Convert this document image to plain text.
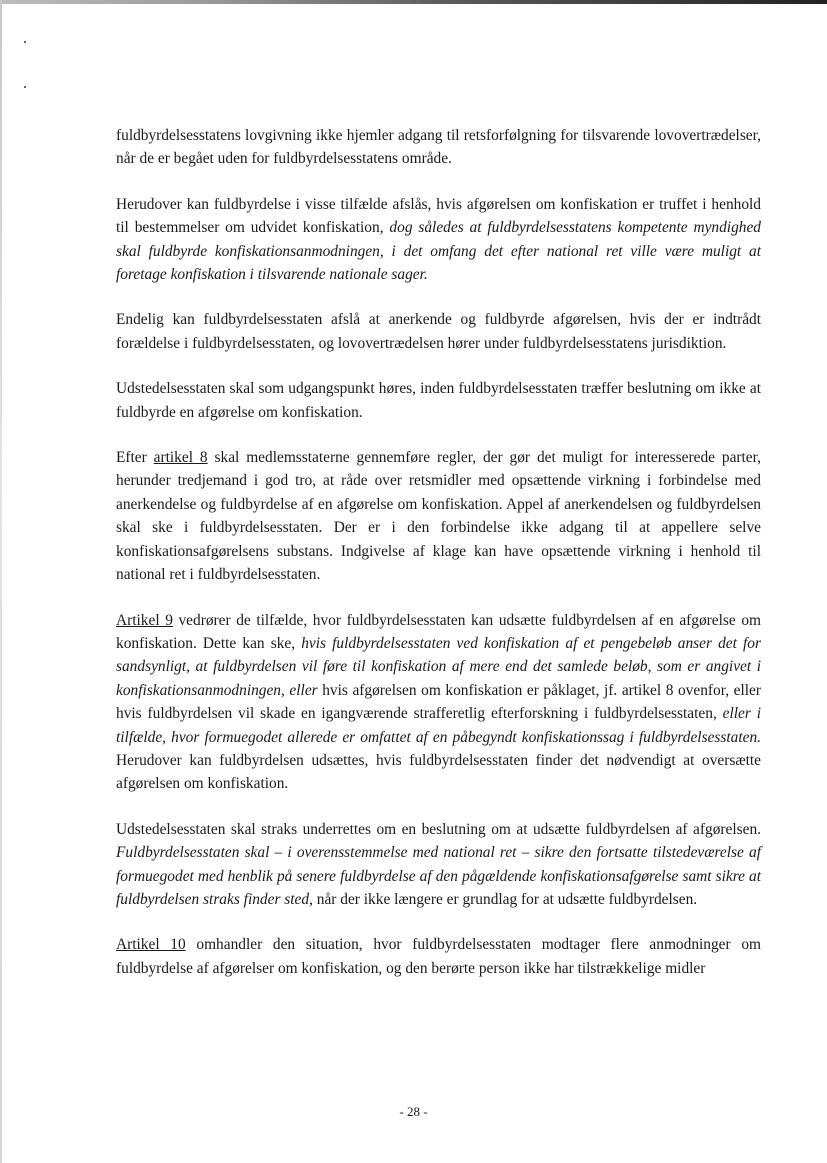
fuldbyrdelsesstatens lovgivning ikke hjemler adgang til retsforfølgning for tilsvarende lovovertrædelser, når de er begået uden for fuldbyrdelsesstatens område.

Herudover kan fuldbyrdelse i visse tilfælde afslås, hvis afgørelsen om konfiskation er truffet i henhold til bestemmelser om udvidet konfiskation, dog således at fuldbyrdelsesstatens kompetente myndighed skal fuldbyrde konfiskationsanmodningen, i det omfang det efter national ret ville være muligt at foretage konfiskation i tilsvarende nationale sager.

Endelig kan fuldbyrdelsesstaten afslå at anerkende og fuldbyrde afgørelsen, hvis der er indtrådt forældelse i fuldbyrdelsesstaten, og lovovertrædelsen hører under fuldbyrdelsesstatens jurisdiktion.

Udstedelsesstaten skal som udgangspunkt høres, inden fuldbyrdelsesstaten træffer beslutning om ikke at fuldbyrde en afgørelse om konfiskation.

Efter artikel 8 skal medlemsstaterne gennemføre regler, der gør det muligt for interesserede parter, herunder tredjemand i god tro, at råde over retsmidler med opsættende virkning i forbindelse med anerkendelse og fuldbyrdelse af en afgørelse om konfiskation. Appel af anerkendelsen og fuldbyrdelsen skal ske i fuldbyrdelsesstaten. Der er i den forbindelse ikke adgang til at appellere selve konfiskationsafgørelsens substans. Indgivelse af klage kan have opsættende virkning i henhold til national ret i fuldbyrdelsesstaten.

Artikel 9 vedrører de tilfælde, hvor fuldbyrdelsesstaten kan udsætte fuldbyrdelsen af en afgørelse om konfiskation. Dette kan ske, hvis fuldbyrdelsesstaten ved konfiskation af et pengebeløb anser det for sandsynligt, at fuldbyrdelsen vil føre til konfiskation af mere end det samlede beløb, som er angivet i konfiskationsanmodningen, eller hvis afgørelsen om konfiskation er påklaget, jf. artikel 8 ovenfor, eller hvis fuldbyrdelsen vil skade en igangværende strafferetlig efterforskning i fuldbyrdelsesstaten, eller i tilfælde, hvor formuegodet allerede er omfattet af en påbegyndt konfiskationssag i fuldbyrdelsesstaten. Herudover kan fuldbyrdelsen udsættes, hvis fuldbyrdelsesstaten finder det nødvendigt at oversætte afgørelsen om konfiskation.

Udstedelsesstaten skal straks underrettes om en beslutning om at udsætte fuldbyrdelsen af afgørelsen. Fuldbyrdelsesstaten skal – i overensstemmelse med national ret – sikre den fortsatte tilstedeværelse af formuegodet med henblik på senere fuldbyrdelse af den pågældende konfiskationsafgørelse samt sikre at fuldbyrdelsen straks finder sted, når der ikke længere er grundlag for at udsætte fuldbyrdelsen.

Artikel 10 omhandler den situation, hvor fuldbyrdelsesstaten modtager flere anmodninger om fuldbyrdelse af afgørelser om konfiskation, og den berørte person ikke har tilstrækkelige midler

- 28 -
